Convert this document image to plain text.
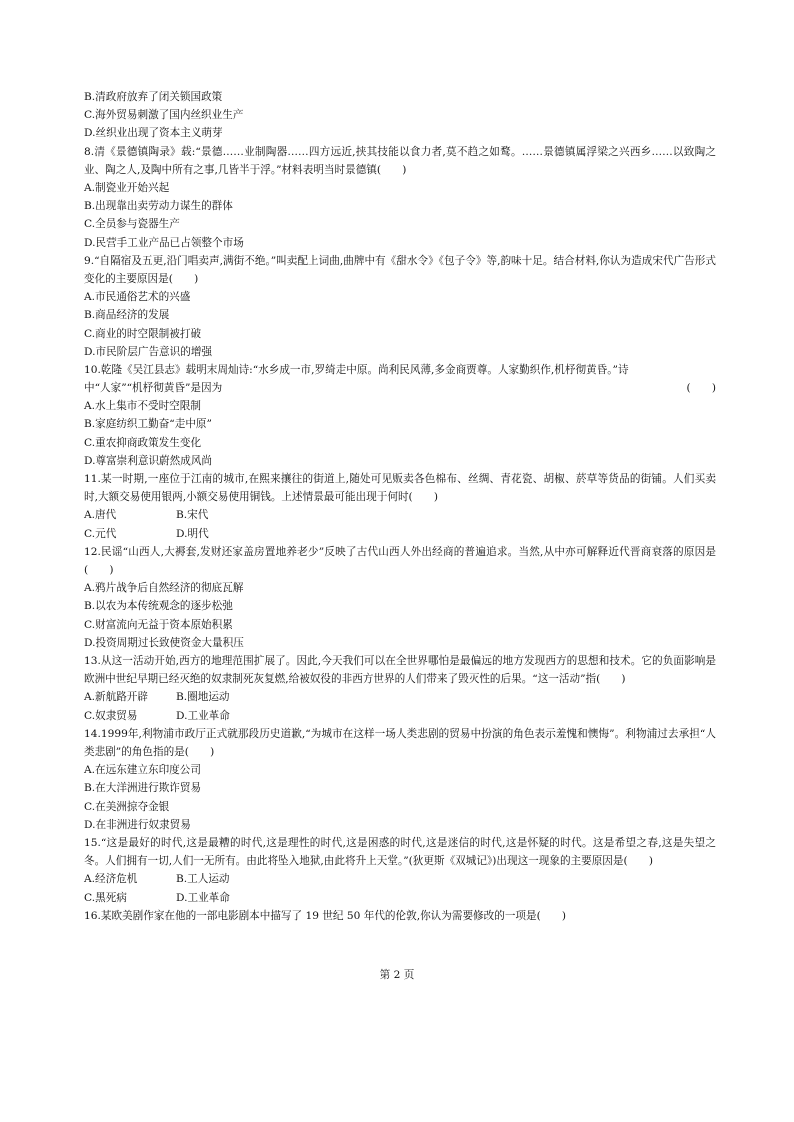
B.清政府放弃了闭关锁国政策
C.海外贸易刺激了国内丝织业生产
D.丝织业出现了资本主义萌芽
8.清《景德镇陶录》载:“景德……业制陶器……四方远近,挟其技能以食力者,莫不趋之如鹜。……景德镇属浮梁之兴西乡……以致陶之业、陶之人,及陶中所有之事,几皆半于浮。”材料表明当时景德镇(　　)
A.制瓷业开始兴起
B.出现靠出卖劳动力谋生的群体
C.全员参与瓷器生产
D.民营手工业产品已占领整个市场
9.“自隔宿及五更,沿门唱卖声,满街不绝。”叫卖配上词曲,曲牌中有《甜水令》《包子令》等,韵味十足。结合材料,你认为造成宋代广告形式变化的主要原因是(　　)
A.市民通俗艺术的兴盛
B.商品经济的发展
C.商业的时空限制被打破
D.市民阶层广告意识的增强
10.乾隆《吴江县志》载明末周灿诗:“水乡成一市,罗绮走中原。尚利民风薄,多金商贾尊。人家勤织作,机杼彻黄昏。”诗
中“人家”“机杼彻黄昏”是因为	(　　)
A.水上集市不受时空限制
B.家庭纺织工勤奋“走中原”
C.重农抑商政策发生变化
D.尊富崇利意识蔚然成风尚
11.某一时期,一座位于江南的城市,在熙来攘往的街道上,随处可见贩卖各色棉布、丝绸、青花瓷、胡椒、菸草等货品的街铺。人们买卖时,大额交易使用银两,小额交易使用铜钱。上述情景最可能出现于何时(　　)
A.唐代	B.宋代
C.元代	D.明代
12.民谣“山西人,大褥套,发财还家盖房置地养老少”反映了古代山西人外出经商的普遍追求。当然,从中亦可解释近代晋商衰落的原因是(　　)
A.鸦片战争后自然经济的彻底瓦解
B.以农为本传统观念的逐步松弛
C.财富流向无益于资本原始积累
D.投资周期过长致使资金大量积压
13.从这一活动开始,西方的地理范围扩展了。因此,今天我们可以在全世界哪怕是最偏远的地方发现西方的思想和技术。它的负面影响是欧洲中世纪早期已经灭绝的奴隶制死灰复燃,给被奴役的非西方世界的人们带来了毁灭性的后果。“这一活动”指(　　)
A.新航路开辟	B.圈地运动
C.奴隶贸易	D.工业革命
14.1999年,利物浦市政厅正式就那段历史道歉,“为城市在这样一场人类悲剧的贸易中扮演的角色表示羞愧和懊悔”。利物浦过去承担“人类悲剧”的角色指的是(　　)
A.在远东建立东印度公司
B.在大洋洲进行欺诈贸易
C.在美洲掠夺金银
D.在非洲进行奴隶贸易
15.“这是最好的时代,这是最糟的时代,这是理性的时代,这是困惑的时代,这是迷信的时代,这是怀疑的时代。这是希望之春,这是失望之冬。人们拥有一切,人们一无所有。由此将坠入地狱,由此将升上天堂。”(狄更斯《双城记》)出现这一现象的主要原因是(　　)
A.经济危机	B.工人运动
C.黑死病	D.工业革命
16.某欧美剧作家在他的一部电影剧本中描写了 19 世纪 50 年代的伦敦,你认为需要修改的一项是(　　)
第 2 页
